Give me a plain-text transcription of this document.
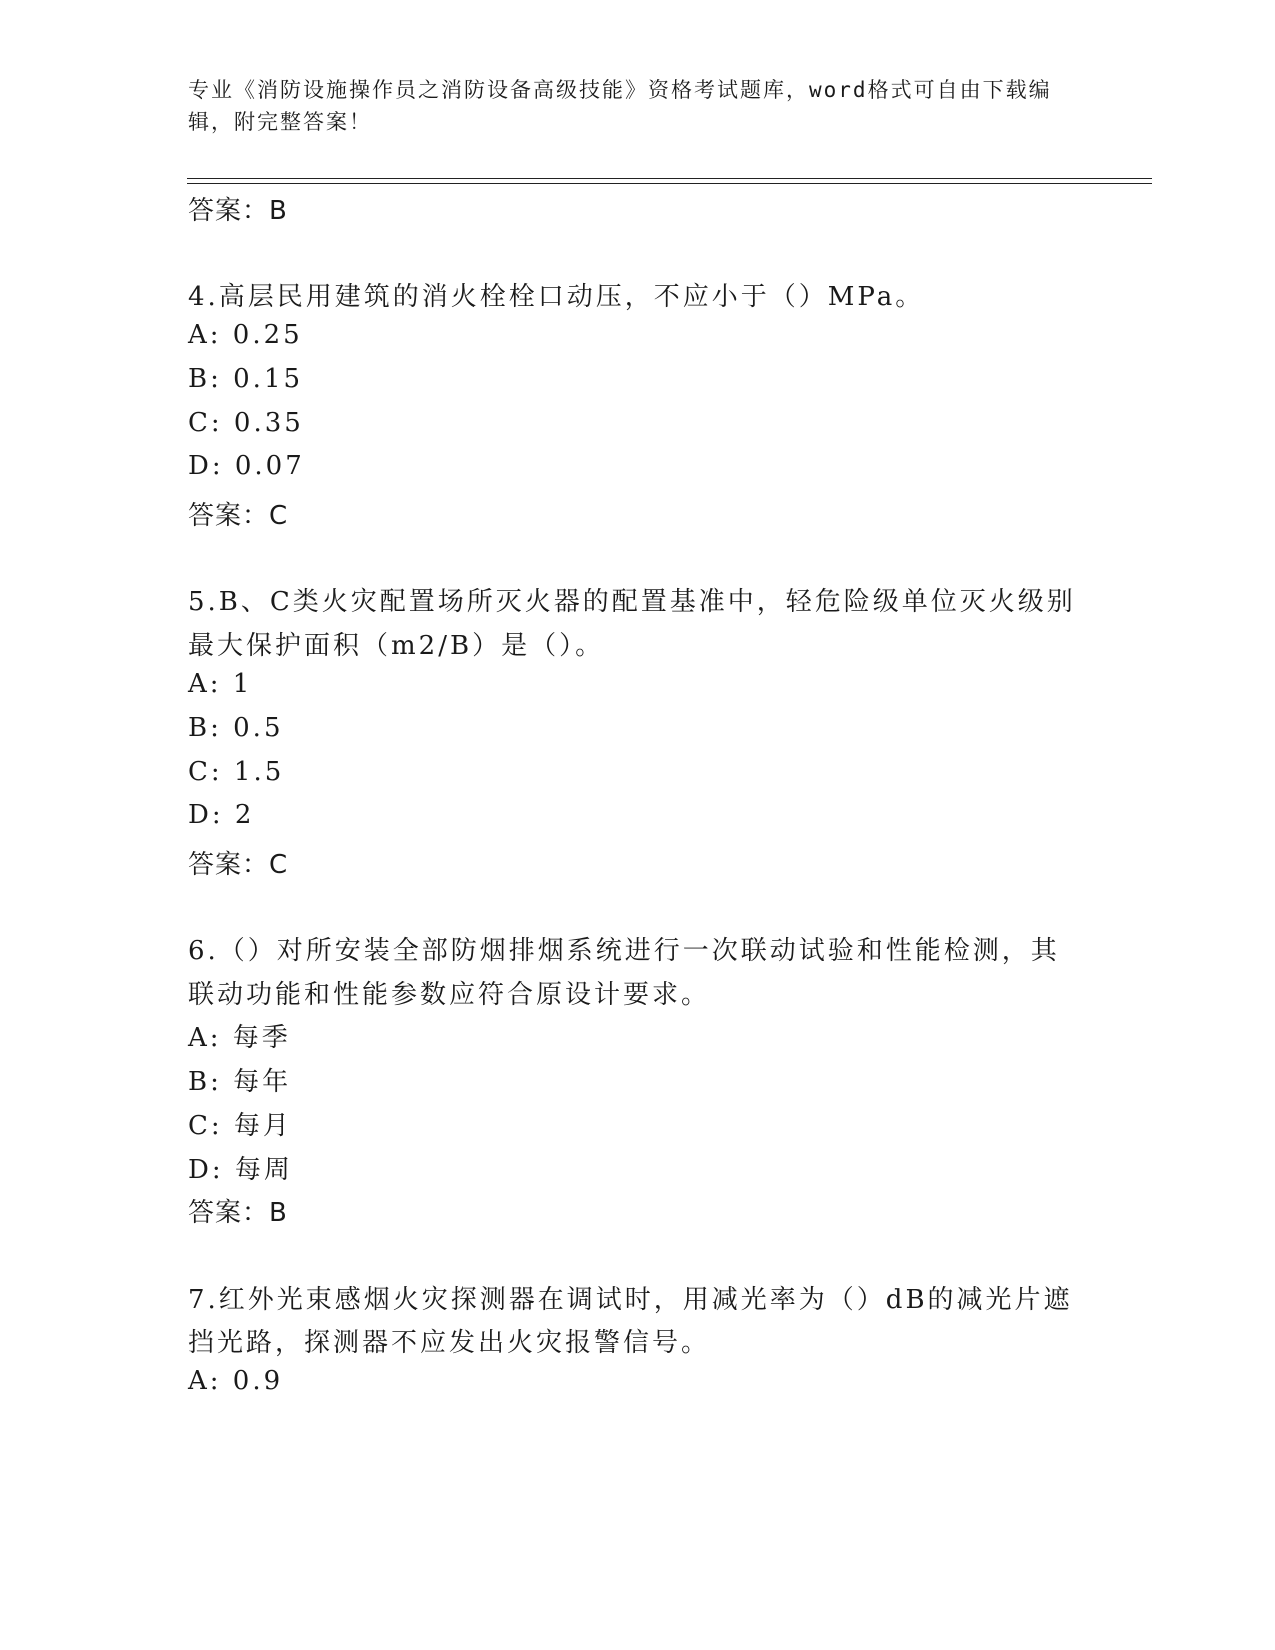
专业《消防设施操作员之消防设备高级技能》资格考试题库，word格式可自由下载编辑，附完整答案！
答案：B
4.高层民用建筑的消火栓栓口动压，不应小于（）MPa。
A: 0.25
B: 0.15
C: 0.35
D: 0.07
答案：C
5.B、C类火灾配置场所灭火器的配置基准中，轻危险级单位灭火级别
最大保护面积（m2/B）是（）。
A: 1
B: 0.5
C: 1.5
D: 2
答案：C
6.（）对所安装全部防烟排烟系统进行一次联动试验和性能检测，其
联动功能和性能参数应符合原设计要求。
A: 每季
B: 每年
C: 每月
D: 每周
答案：B
7.红外光束感烟火灾探测器在调试时，用减光率为（）dB的减光片遮
挡光路，探测器不应发出火灾报警信号。
A: 0.9
